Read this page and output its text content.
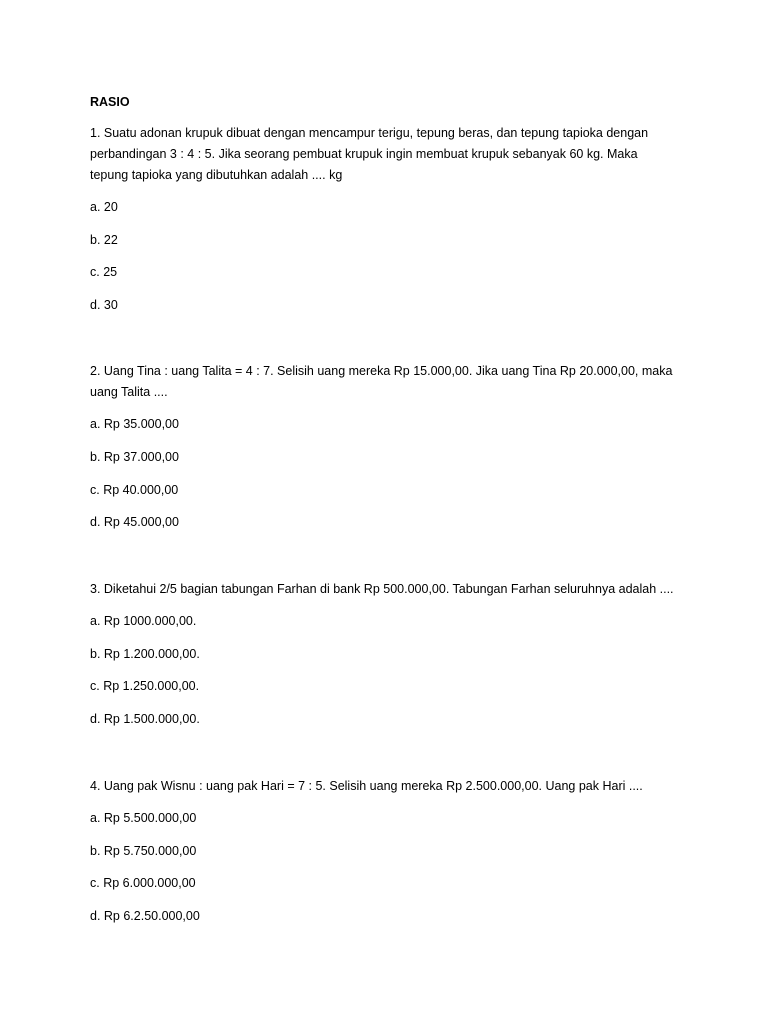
RASIO
1. Suatu adonan krupuk dibuat dengan mencampur terigu, tepung beras, dan tepung tapioka dengan
perbandingan 3 : 4 : 5. Jika seorang pembuat krupuk ingin membuat krupuk sebanyak 60 kg. Maka
tepung tapioka yang dibutuhkan adalah .... kg
a. 20
b. 22
c. 25
d. 30
2. Uang Tina : uang Talita = 4 : 7. Selisih uang mereka Rp 15.000,00. Jika uang Tina Rp 20.000,00, maka
uang Talita ....
a. Rp 35.000,00
b. Rp 37.000,00
c. Rp 40.000,00
d. Rp 45.000,00
3. Diketahui 2/5 bagian tabungan Farhan di bank Rp 500.000,00. Tabungan Farhan seluruhnya adalah ....
a. Rp 1000.000,00.
b. Rp 1.200.000,00.
c. Rp 1.250.000,00.
d. Rp 1.500.000,00.
4. Uang pak Wisnu : uang pak Hari = 7 : 5. Selisih uang mereka Rp 2.500.000,00. Uang pak Hari ....
a. Rp 5.500.000,00
b. Rp 5.750.000,00
c. Rp 6.000.000,00
d. Rp 6.2.50.000,00
